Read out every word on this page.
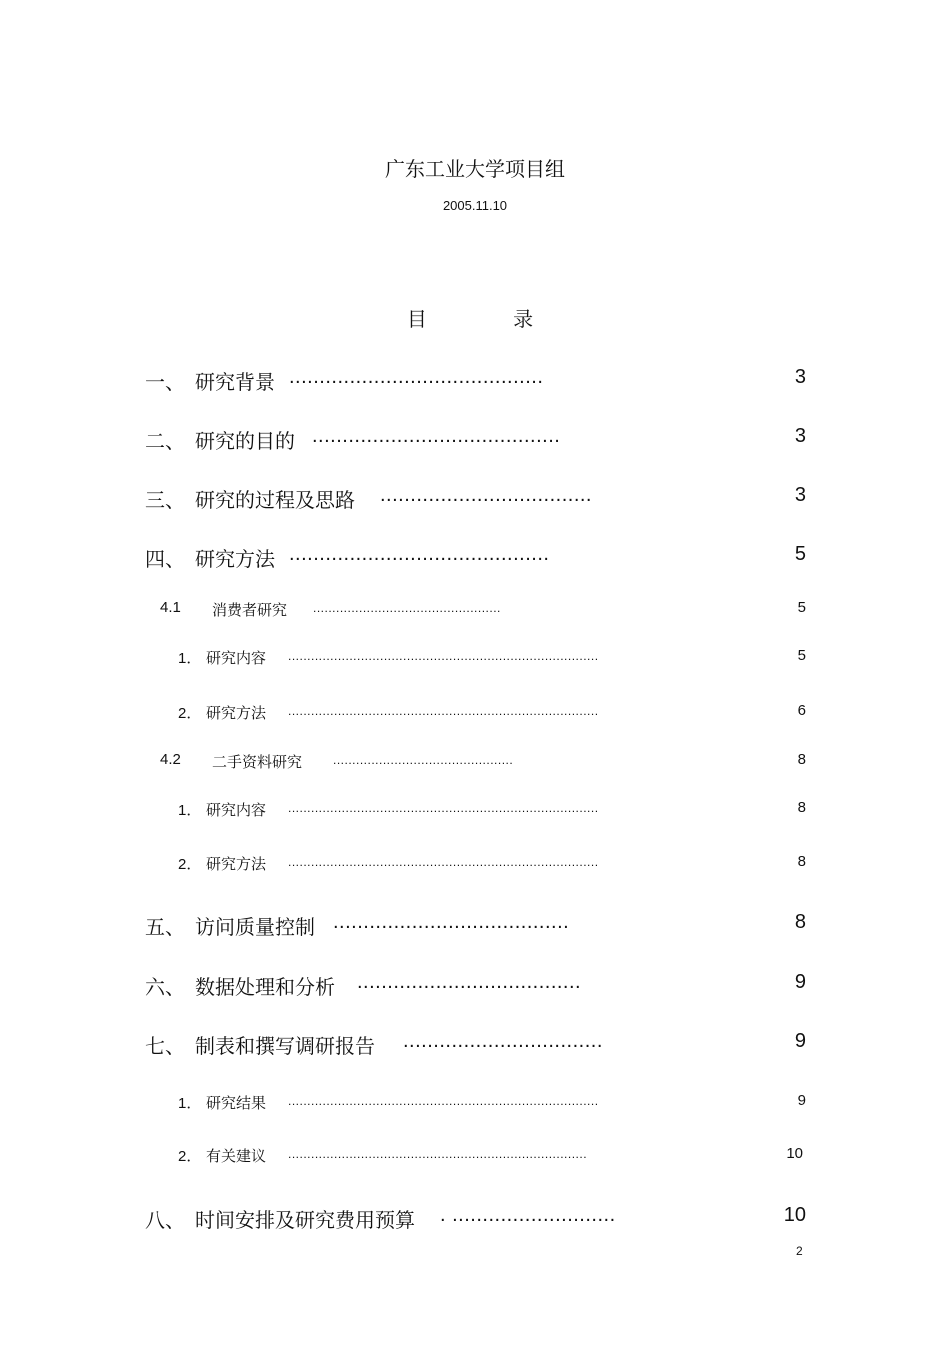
广东工业大学项目组
2005.11.10
目 录
一、 研究背景 ..........................................	3
二、 研究的目的 .........................................	3
三、 研究的过程及思路 ...................................	3
四、 研究方法 ...........................................	5
4.1 消费者研究 .................................................	5
1． 研究内容 .................................................................................	5
2． 研究方法 .................................................................................	6
4.2 二手资料研究	...............................................	8
1． 研究内容 .................................................................................	8
2． 研究方法 .................................................................................	8
五、 访问质量控制 .......................................	8
六、 数据处理和分析 .....................................	9
七、 制表和撰写调研报告 .................................	9
1． 研究结果 .................................................................................	9
2． 有关建议 ..............................................................................	10
八、 时间安排及研究费用预算 . ...........................	10
2
